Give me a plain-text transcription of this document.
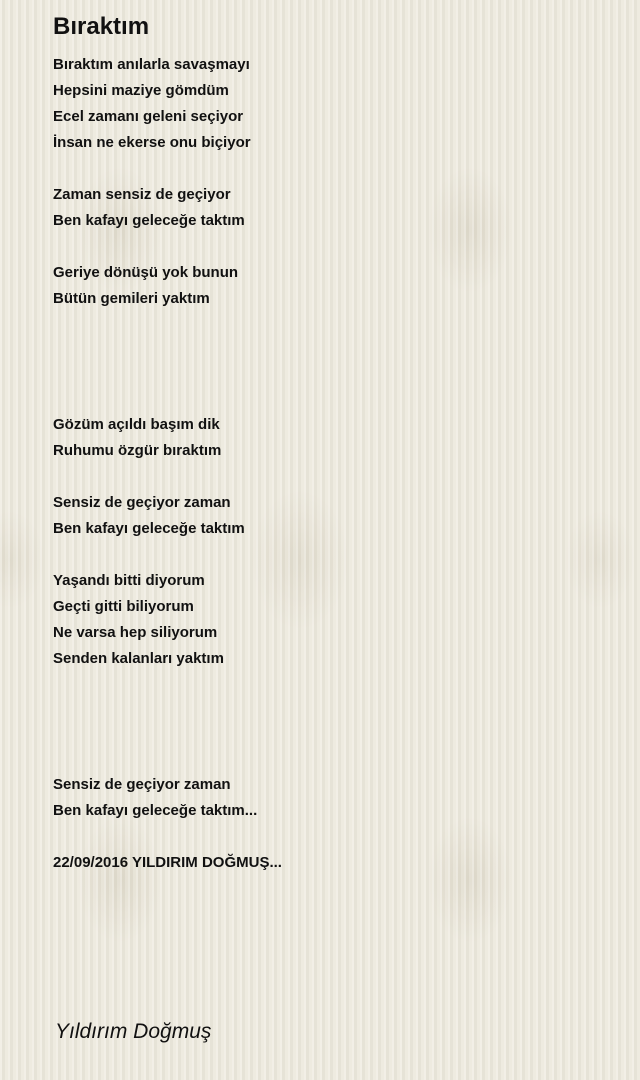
Bıraktım
Bıraktım anılarla savaşmayı
Hepsini maziye gömdüm
Ecel zamanı geleni seçiyor
İnsan ne ekerse onu biçiyor
Zaman sensiz de geçiyor
Ben kafayı geleceğe taktım
Geriye dönüşü yok bunun
Bütün gemileri yaktım
Gözüm açıldı başım dik
Ruhumu özgür bıraktım
Sensiz de geçiyor zaman
Ben kafayı geleceğe taktım
Yaşandı bitti diyorum
Geçti gitti biliyorum
Ne varsa hep siliyorum
Senden kalanları yaktım
Sensiz de geçiyor zaman
Ben kafayı geleceğe taktım...
22/09/2016 YILDIRIM DOĞMUŞ...
Yıldırım Doğmuş
